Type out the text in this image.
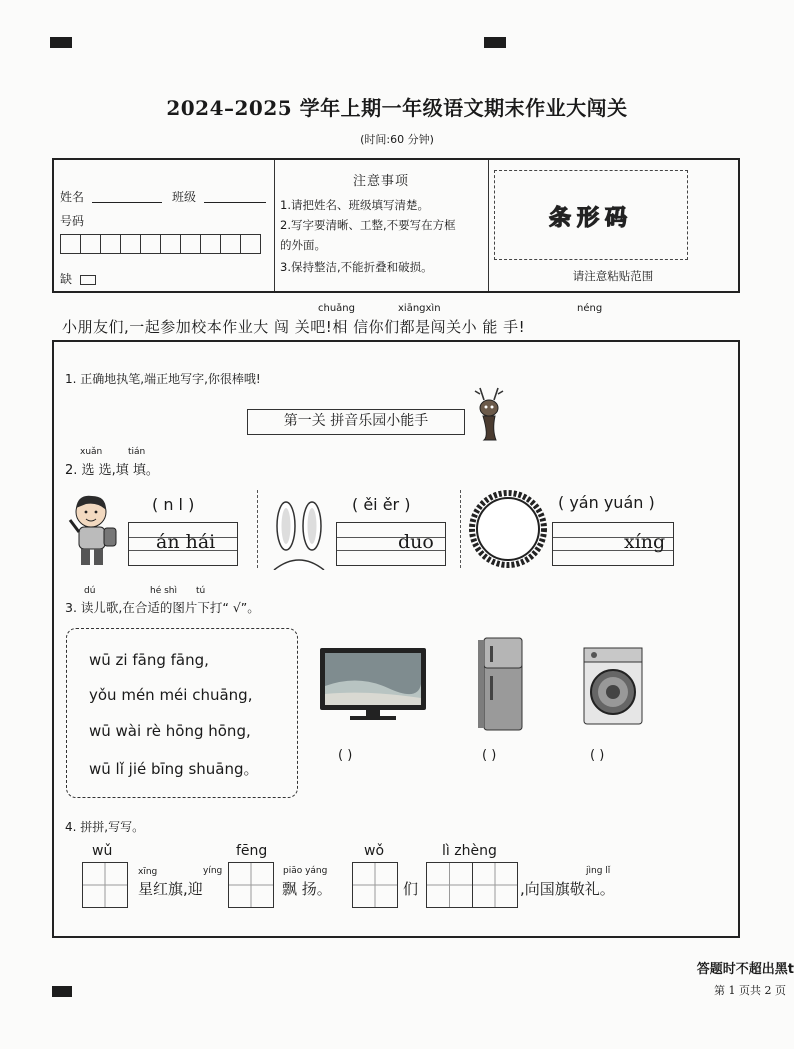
2024–2025 学年上期一年级语文期末作业大闯关
(时间:60 分钟)
姓名	班级
号码
缺
注意事项
1.请把姓名、班级填写清楚。
2.写字要清晰、工整,不要写在方框
的外面。
3.保持整洁,不能折叠和破损。
条形码
请注意粘贴范围
chuǎng	xiāngxìn	néng
小朋友们,一起参加校本作业大 闯 关吧!相 信你们都是闯关小 能 手!
1. 正确地执笔,端正地写字,你很棒哦!
第一关 拼音乐园小能手
xuǎn	tián
2. 选 选,填 填。
( n l )
án hái
( ěi ěr )
duo
( yán yuán )
xíng
dú	hé shì tú
3. 读儿歌,在合适的图片下打“ √”。
wū zi fāng fāng,
yǒu mén méi chuāng,
wū wài rè hōng hōng,
wū lǐ jié bīng shuāng。
( )	( )	( )
4. 拼拼,写写。
wǔ	fēng	wǒ	lì zhèng
xīng	yíng	piāo yáng	jìng lǐ
星红旗,迎	飘 扬。	们	,向国旗敬礼。
答题时不超出黑t
第 1 页共 2 页
